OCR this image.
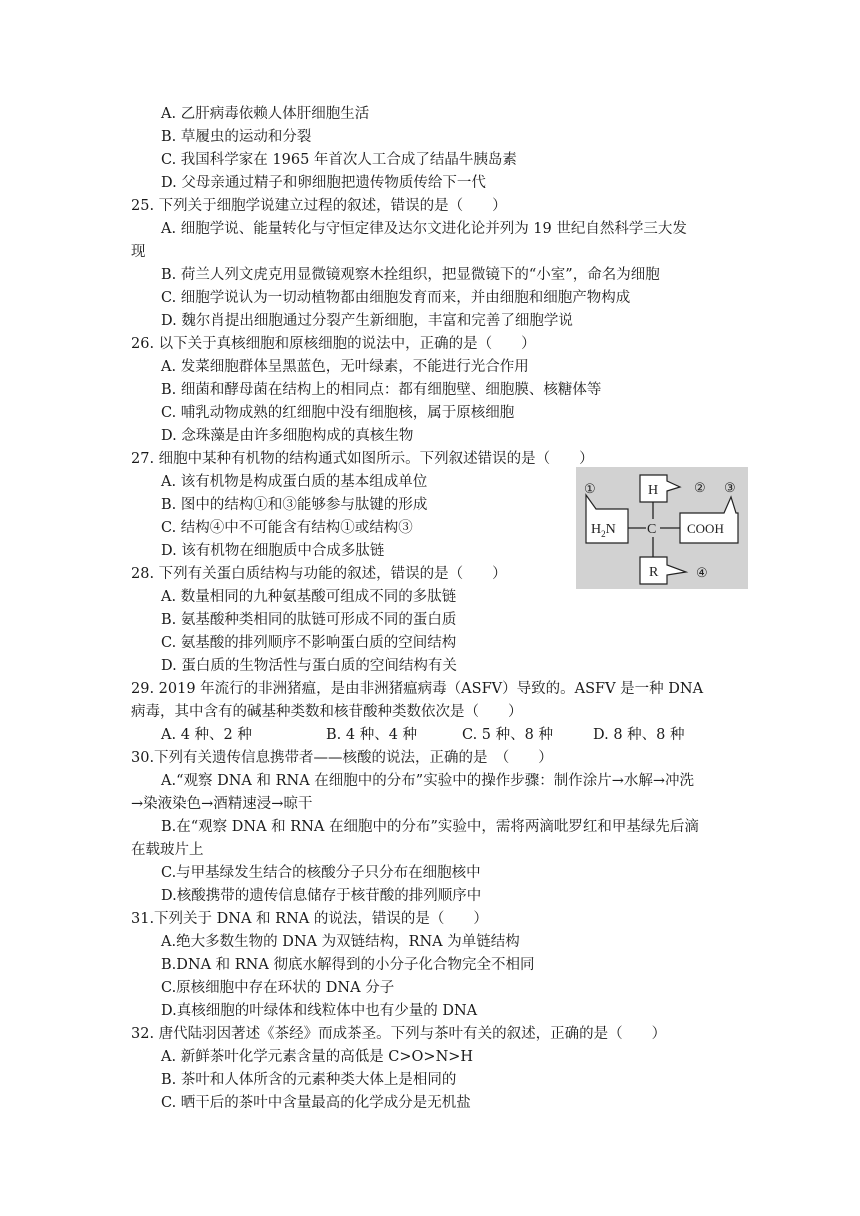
A. 乙肝病毒依赖人体肝细胞生活
B. 草履虫的运动和分裂
C. 我国科学家在 1965 年首次人工合成了结晶牛胰岛素
D. 父母亲通过精子和卵细胞把遗传物质传给下一代
25. 下列关于细胞学说建立过程的叙述，错误的是（　　）
A. 细胞学说、能量转化与守恒定律及达尔文进化论并列为 19 世纪自然科学三大发
现
B. 荷兰人列文虎克用显微镜观察木拴组织，把显微镜下的“小室”，命名为细胞
C. 细胞学说认为一切动植物都由细胞发育而来，并由细胞和细胞产物构成
D. 魏尔肖提出细胞通过分裂产生新细胞，丰富和完善了细胞学说
26. 以下关于真核细胞和原核细胞的说法中，正确的是（　　）
A. 发菜细胞群体呈黑蓝色，无叶绿素，不能进行光合作用
B. 细菌和酵母菌在结构上的相同点：都有细胞壁、细胞膜、核糖体等
C. 哺乳动物成熟的红细胞中没有细胞核，属于原核细胞
D. 念珠藻是由许多细胞构成的真核生物
27. 细胞中某种有机物的结构通式如图所示。下列叙述错误的是（　　）
A. 该有机物是构成蛋白质的基本组成单位
B. 图中的结构①和③能够参与肽键的形成
C. 结构④中不可能含有结构①或结构③
D. 该有机物在细胞质中合成多肽链
H
$H_2N$ C COOH
R
①	② ③
④
28. 下列有关蛋白质结构与功能的叙述，错误的是（　　）
A. 数量相同的九种氨基酸可组成不同的多肽链
B. 氨基酸种类相同的肽链可形成不同的蛋白质
C. 氨基酸的排列顺序不影响蛋白质的空间结构
D. 蛋白质的生物活性与蛋白质的空间结构有关
29. 2019 年流行的非洲猪瘟，是由非洲猪瘟病毒（ASFV）导致的。ASFV 是一种 DNA
病毒，其中含有的碱基种类数和核苷酸种类数依次是（　　）
A. 4 种、2 种	B. 4 种、4 种	C. 5 种、8 种	D. 8 种、8 种
30.下列有关遗传信息携带者——核酸的说法，正确的是　（　　）
A.“观察 DNA 和 RNA 在细胞中的分布”实验中的操作步骤：制作涂片→水解→冲洗
→染液染色→酒精速浸→晾干
B.在“观察 DNA 和 RNA 在细胞中的分布”实验中，需将两滴吡罗红和甲基绿先后滴
在载玻片上
C.与甲基绿发生结合的核酸分子只分布在细胞核中
D.核酸携带的遗传信息储存于核苷酸的排列顺序中
31.下列关于 DNA 和 RNA 的说法，错误的是（　　）
A.绝大多数生物的 DNA 为双链结构，RNA 为单链结构
B.DNA 和 RNA 彻底水解得到的小分子化合物完全不相同
C.原核细胞中存在环状的 DNA 分子
D.真核细胞的叶绿体和线粒体中也有少量的 DNA
32. 唐代陆羽因著述《茶经》而成茶圣。下列与茶叶有关的叙述，正确的是（　　）
A. 新鲜茶叶化学元素含量的高低是 C>O>N>H
B. 茶叶和人体所含的元素种类大体上是相同的
C. 晒干后的茶叶中含量最高的化学成分是无机盐
